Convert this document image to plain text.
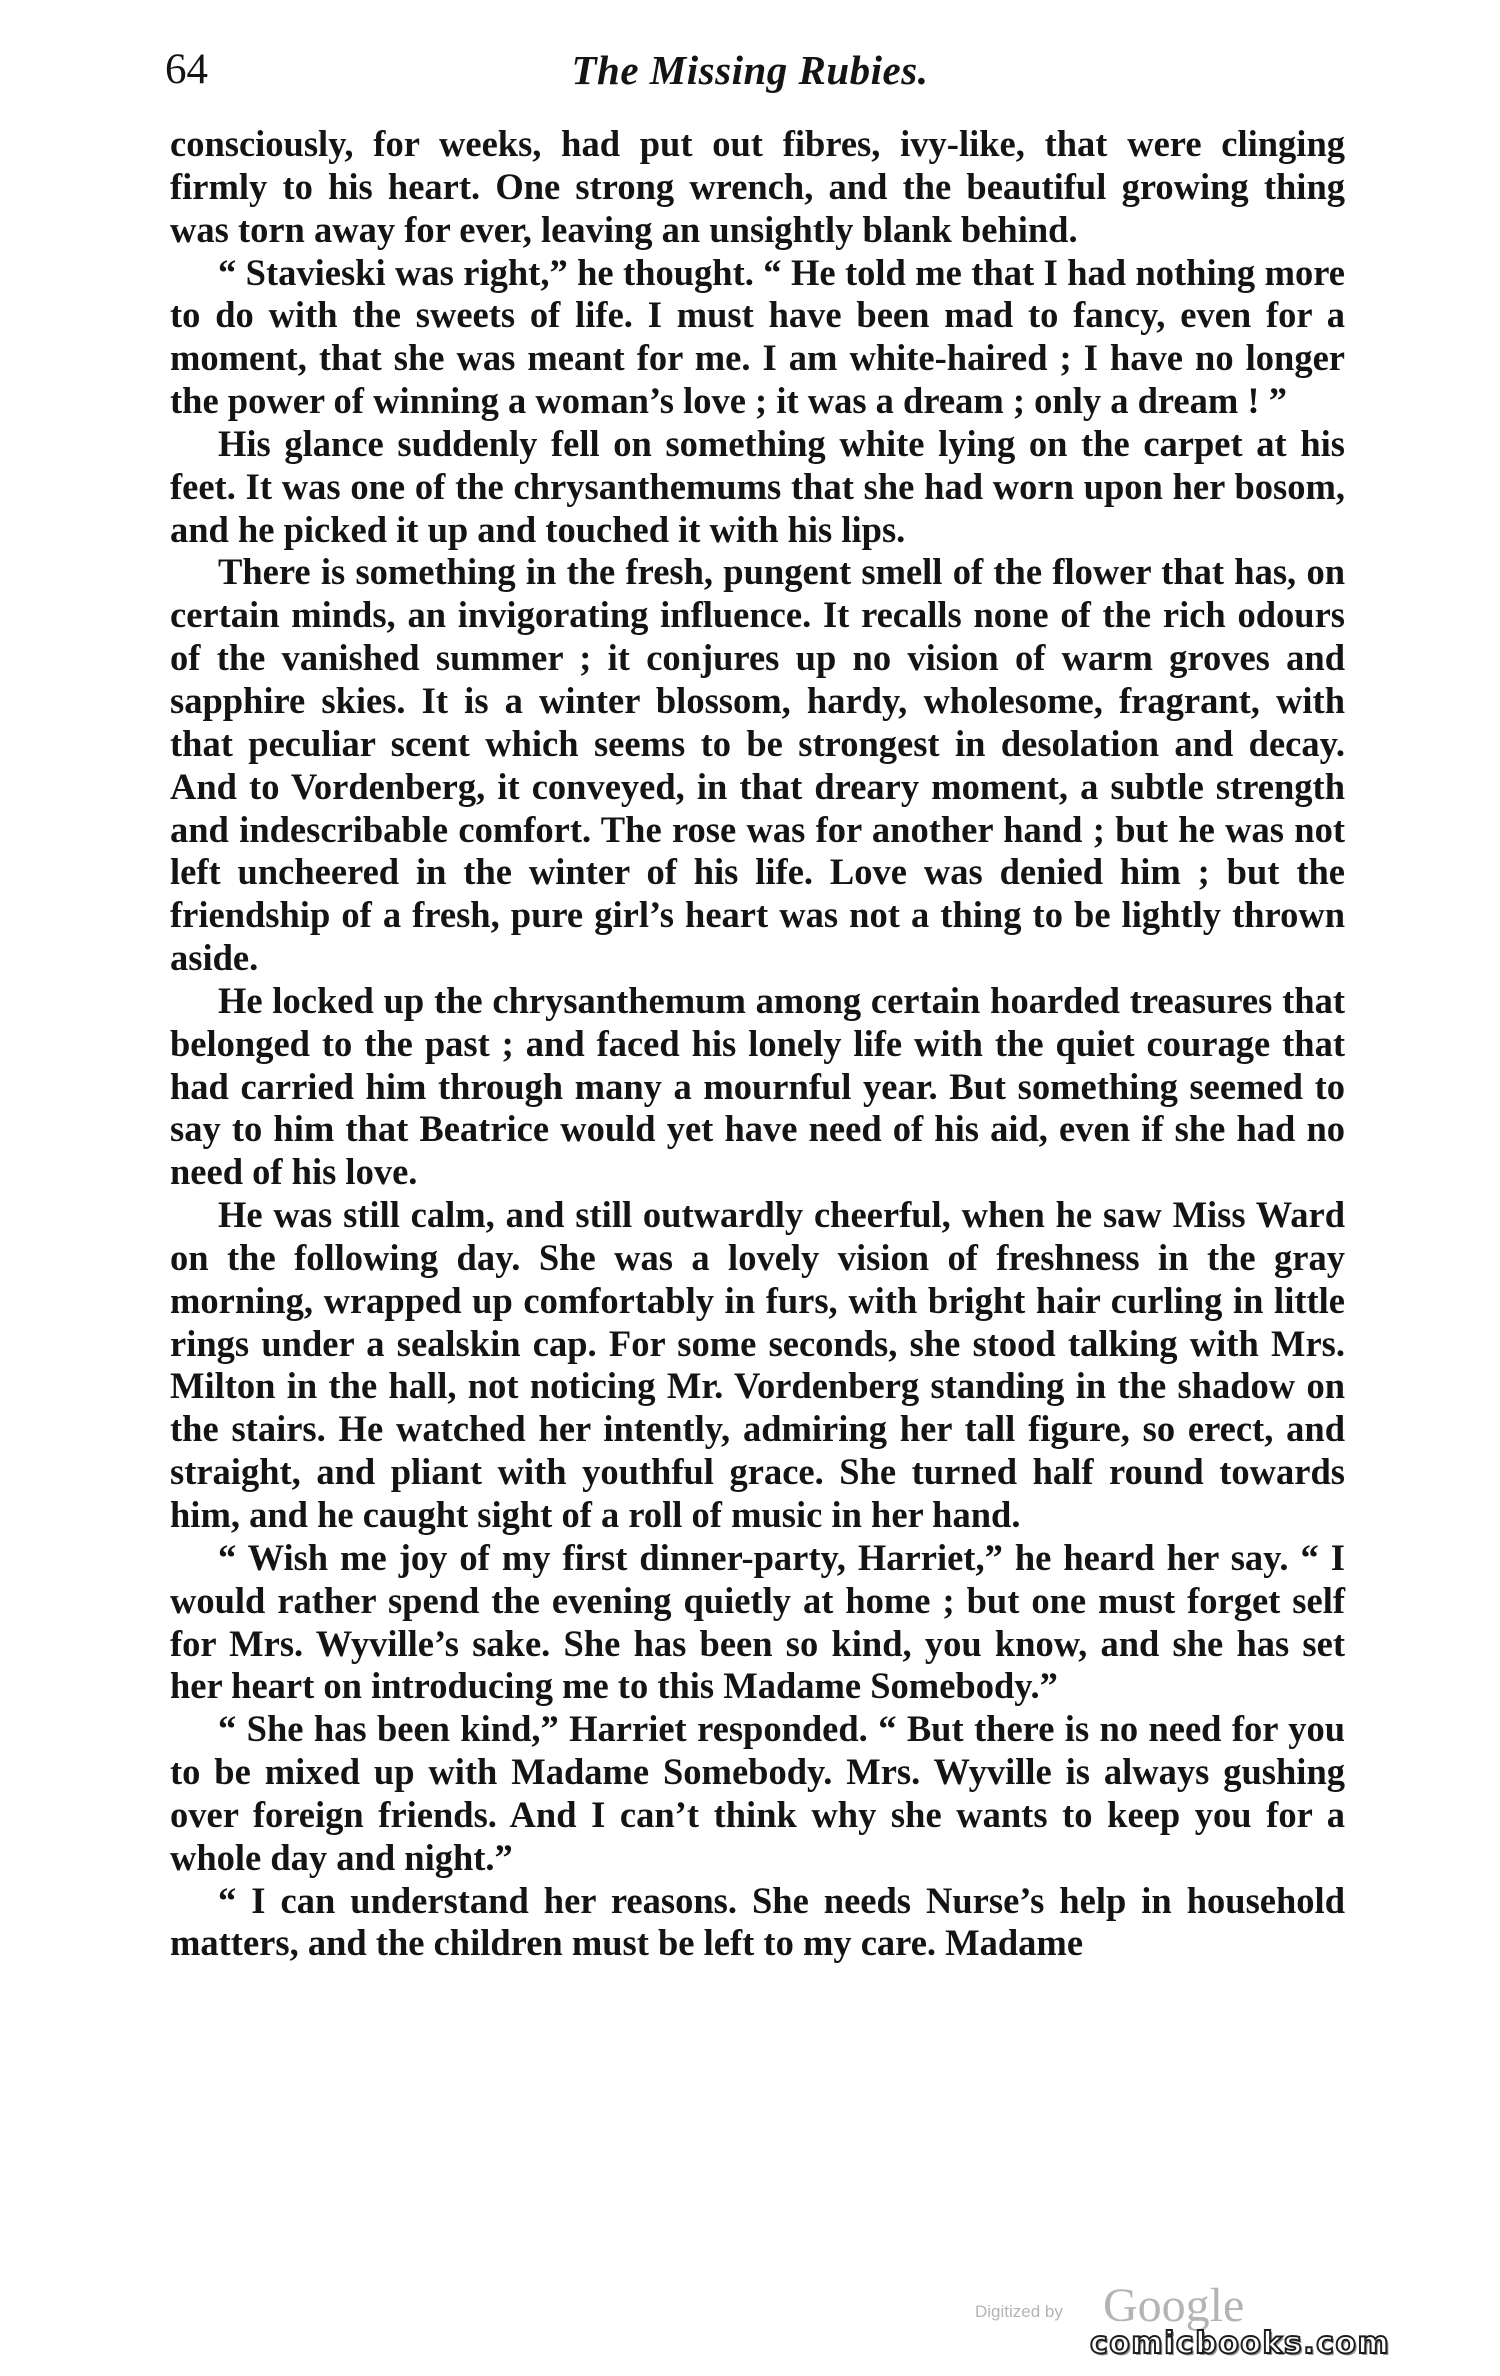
64	The Missing Rubies.

consciously, for weeks, had put out fibres, ivy-like, that were clinging firmly to his heart. One strong wrench, and the beautiful growing thing was torn away for ever, leaving an unsightly blank behind.

“ Stavieski was right,” he thought. “ He told me that I had nothing more to do with the sweets of life. I must have been mad to fancy, even for a moment, that she was meant for me. I am white-haired ; I have no longer the power of winning a woman’s love ; it was a dream ; only a dream ! ”

His glance suddenly fell on something white lying on the carpet at his feet. It was one of the chrysanthemums that she had worn upon her bosom, and he picked it up and touched it with his lips.

There is something in the fresh, pungent smell of the flower that has, on certain minds, an invigorating influence. It recalls none of the rich odours of the vanished summer ; it conjures up no vision of warm groves and sapphire skies. It is a winter blossom, hardy, wholesome, fragrant, with that peculiar scent which seems to be strongest in desolation and decay. And to Vordenberg, it conveyed, in that dreary moment, a subtle strength and indescribable comfort. The rose was for another hand ; but he was not left uncheered in the winter of his life. Love was denied him ; but the friendship of a fresh, pure girl’s heart was not a thing to be lightly thrown aside.

He locked up the chrysanthemum among certain hoarded treasures that belonged to the past ; and faced his lonely life with the quiet courage that had carried him through many a mournful year. But something seemed to say to him that Beatrice would yet have need of his aid, even if she had no need of his love.

He was still calm, and still outwardly cheerful, when he saw Miss Ward on the following day. She was a lovely vision of freshness in the gray morning, wrapped up comfortably in furs, with bright hair curling in little rings under a sealskin cap. For some seconds, she stood talking with Mrs. Milton in the hall, not noticing Mr. Vordenberg standing in the shadow on the stairs. He watched her intently, admiring her tall figure, so erect, and straight, and pliant with youthful grace. She turned half round towards him, and he caught sight of a roll of music in her hand.

“ Wish me joy of my first dinner-party, Harriet,” he heard her say. “ I would rather spend the evening quietly at home ; but one must forget self for Mrs. Wyville’s sake. She has been so kind, you know, and she has set her heart on introducing me to this Madame Somebody.”

“ She has been kind,” Harriet responded. “ But there is no need for you to be mixed up with Madame Somebody. Mrs. Wyville is always gushing over foreign friends. And I can’t think why she wants to keep you for a whole day and night.”

“ I can understand her reasons. She needs Nurse’s help in household matters, and the children must be left to my care. Madame

Digitized by Google
comicbooks.com
